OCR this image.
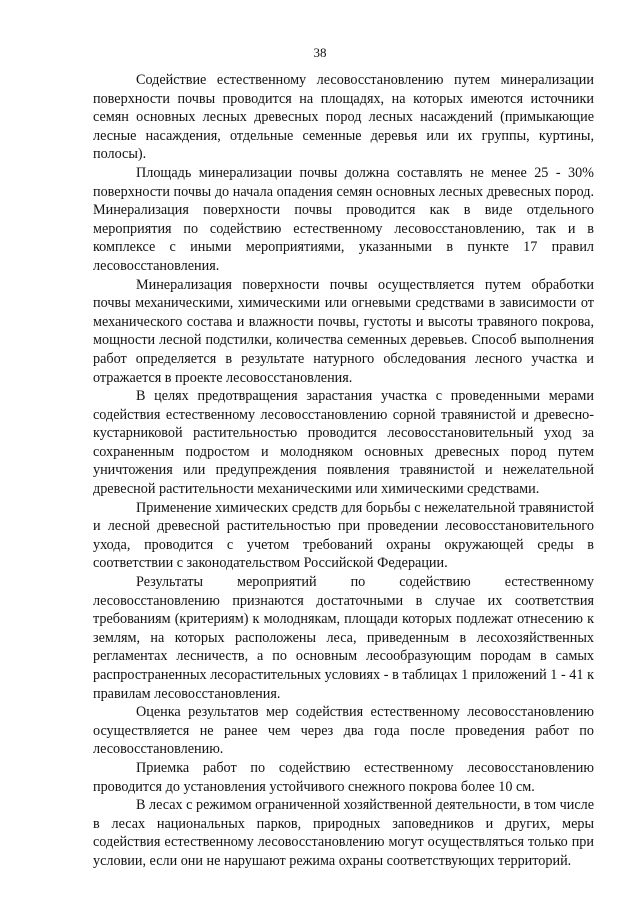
38

Содействие естественному лесовосстановлению путем минерализации поверхности почвы проводится на площадях, на которых имеются источники семян основных лесных древесных пород лесных насаждений (примыкающие лесные насаждения, отдельные семенные деревья или их группы, куртины, полосы).

Площадь минерализации почвы должна составлять не менее 25 - 30% поверхности почвы до начала опадения семян основных лесных древесных пород. Минерализация поверхности почвы проводится как в виде отдельного мероприятия по содействию естественному лесовосстановлению, так и в комплексе с иными мероприятиями, указанными в пункте 17 правил лесовосстановления.

Минерализация поверхности почвы осуществляется путем обработки почвы механическими, химическими или огневыми средствами в зависимости от механического состава и влажности почвы, густоты и высоты травяного покрова, мощности лесной подстилки, количества семенных деревьев. Способ выполнения работ определяется в результате натурного обследования лесного участка и отражается в проекте лесовосстановления.

В целях предотвращения зарастания участка с проведенными мерами содействия естественному лесовосстановлению сорной травянистой и древесно-кустарниковой растительностью проводится лесовосстановительный уход за сохраненным подростом и молодняком основных древесных пород путем уничтожения или предупреждения появления травянистой и нежелательной древесной растительности механическими или химическими средствами.

Применение химических средств для борьбы с нежелательной травянистой и лесной древесной растительностью при проведении лесовосстановительного ухода, проводится с учетом требований охраны окружающей среды в соответствии с законодательством Российской Федерации.

Результаты мероприятий по содействию естественному лесовосстановлению признаются достаточными в случае их соответствия требованиям (критериям) к молоднякам, площади которых подлежат отнесению к землям, на которых расположены леса, приведенным в лесохозяйственных регламентах лесничеств, а по основным лесообразующим породам в самых распространенных лесорастительных условиях - в таблицах 1 приложений 1 - 41 к правилам лесовосстановления.

Оценка результатов мер содействия естественному лесовосстановлению осуществляется не ранее чем через два года после проведения работ по лесовосстановлению.

Приемка работ по содействию естественному лесовосстановлению проводится до установления устойчивого снежного покрова более 10 см.

В лесах с режимом ограниченной хозяйственной деятельности, в том числе в лесах национальных парков, природных заповедников и других, меры содействия естественному лесовосстановлению могут осуществляться только при условии, если они не нарушают режима охраны соответствующих территорий.
